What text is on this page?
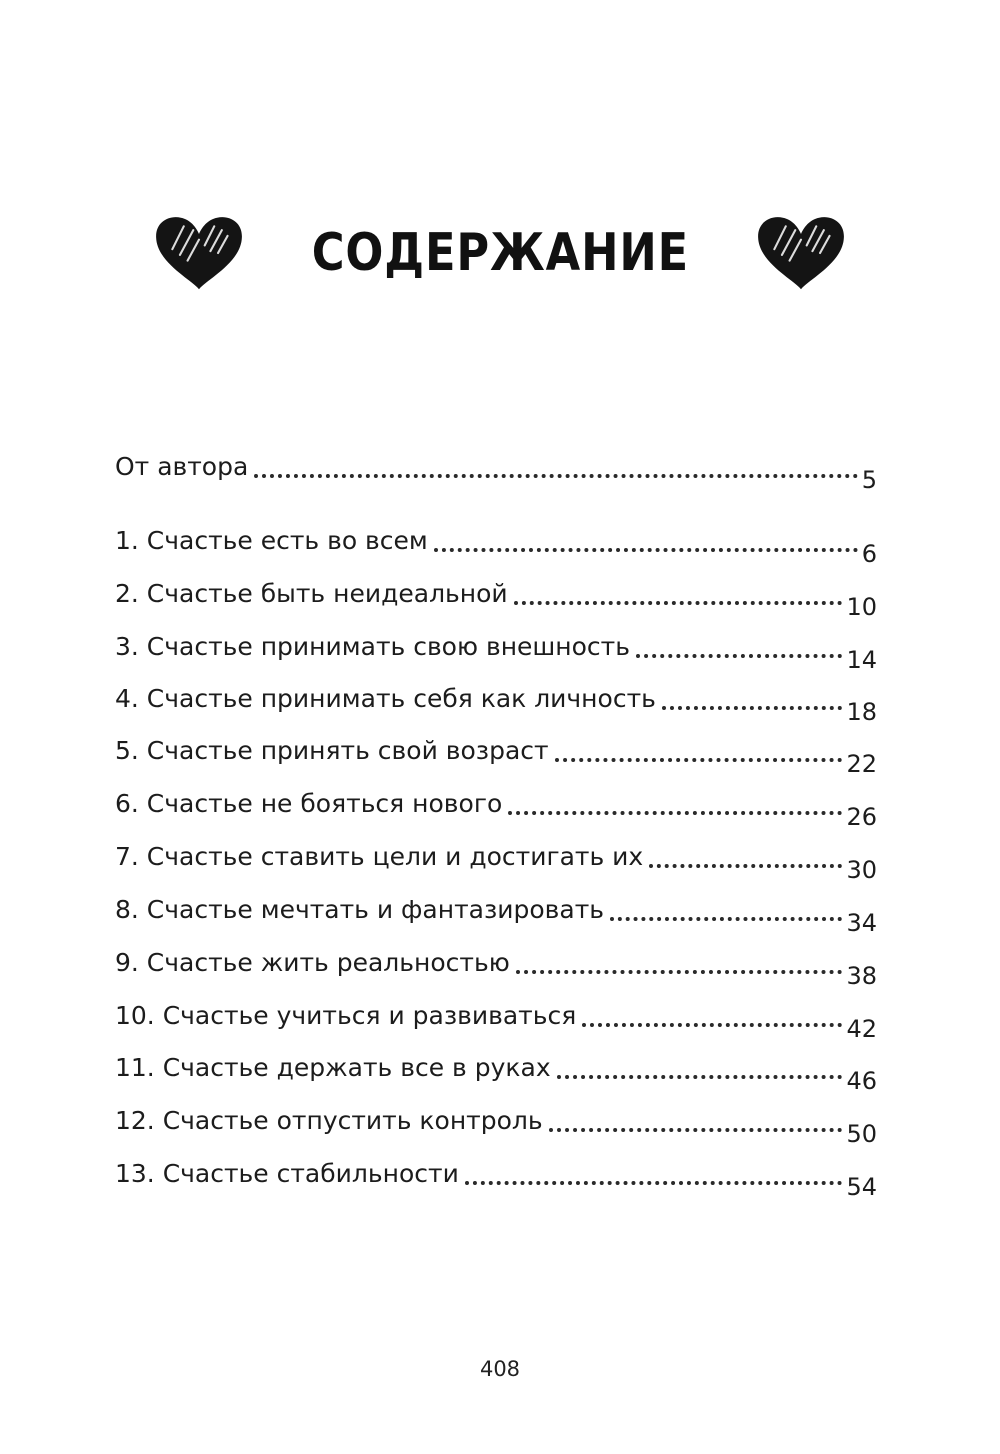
СОДЕРЖАНИЕ
От автора	5
1. Счастье есть во всем	6
2. Счастье быть неидеальной	10
3. Счастье принимать свою внешность	14
4. Счастье принимать себя как личность	18
5. Счастье принять свой возраст	22
6. Счастье не бояться нового	26
7. Счастье ставить цели и достигать их	30
8. Счастье мечтать и фантазировать	34
9. Счастье жить реальностью	38
10. Счастье учиться и развиваться	42
11. Счастье держать все в руках	46
12. Счастье отпустить контроль	50
13. Счастье стабильности	54
408
